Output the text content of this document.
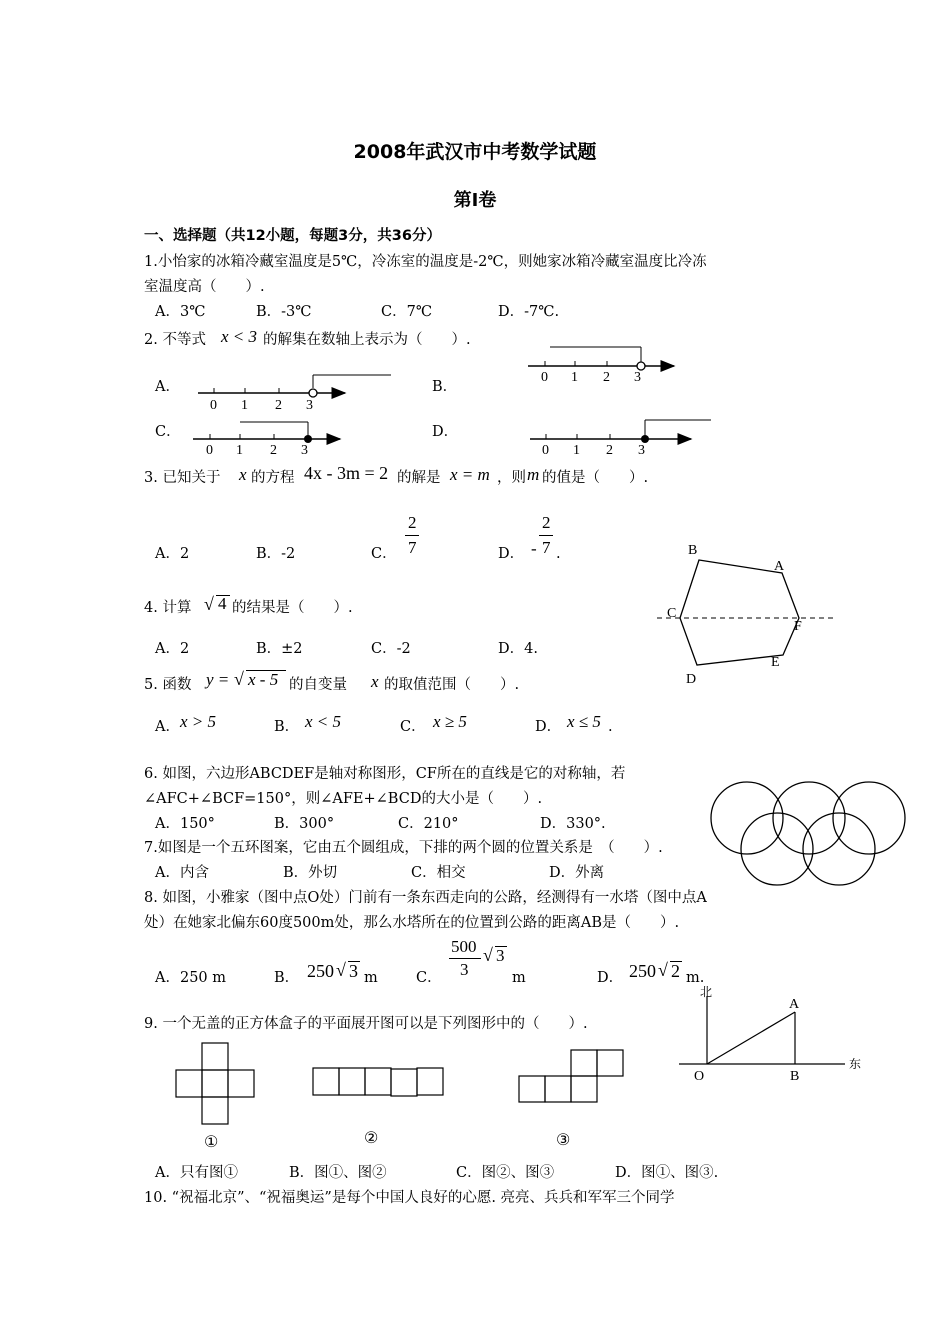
2008年武汉市中考数学试题
第Ⅰ卷
一、选择题（共12小题，每题3分，共36分）
1.小怡家的冰箱冷藏室温度是5℃，冷冻室的温度是-2℃，则她家冰箱冷藏室温度比冷冻
室温度高（　　）.
A．3℃	B．-3℃	C．7℃	D．-7℃.
2. 不等式 x < 3 的解集在数轴上表示为（　　）.
A．	B．
C．	D．
0 1 2 3
0 1 2 3
0 1 2 3	0 1 2 3
B
A
C
F
D
E
北
东
A
O	B
①	②	③
3. 已知关于 x 的方程 4x - 3m = 2 的解是 x = m ，则 m 的值是（　　）.
A．2	B．-2	C．
2
7	D． -
2
7 .
4. 计算 √ 4 的结果是（　　）.
A．2	B．±2	C．-2	D．4.
5. 函数 y = √ x - 5 的自变量 x 的取值范围（　　）.
A． x > 5	B． x < 5	C． x ≥ 5	D． x ≤ 5 .
6. 如图，六边形ABCDEF是轴对称图形，CF所在的直线是它的对称轴，若
∠AFC+∠BCF=150°，则∠AFE+∠BCD的大小是（　　）.
A．150°	B．300°	C．210°	D．330°.
7.如图是一个五环图案，它由五个圆组成，下排的两个圆的位置关系是　（　　）.
A．内含	B．外切	C．相交	D．外离
8. 如图，小雅家（图中点O处）门前有一条东西走向的公路，经测得有一水塔（图中点A
处）在她家北偏东60度500m处，那么水塔所在的位置到公路的距离AB是（　　）.
A．250 m	B． 250 √ 3 m	C．
500
3
√ 3
m	D． 250 √ 2 m.
9. 一个无盖的正方体盒子的平面展开图可以是下列图形中的（　　）.
A．只有图①	B．图①、图②	C．图②、图③	D．图①、图③.
10. “祝福北京”、“祝福奥运”是每个中国人良好的心愿. 亮亮、兵兵和军军三个同学
